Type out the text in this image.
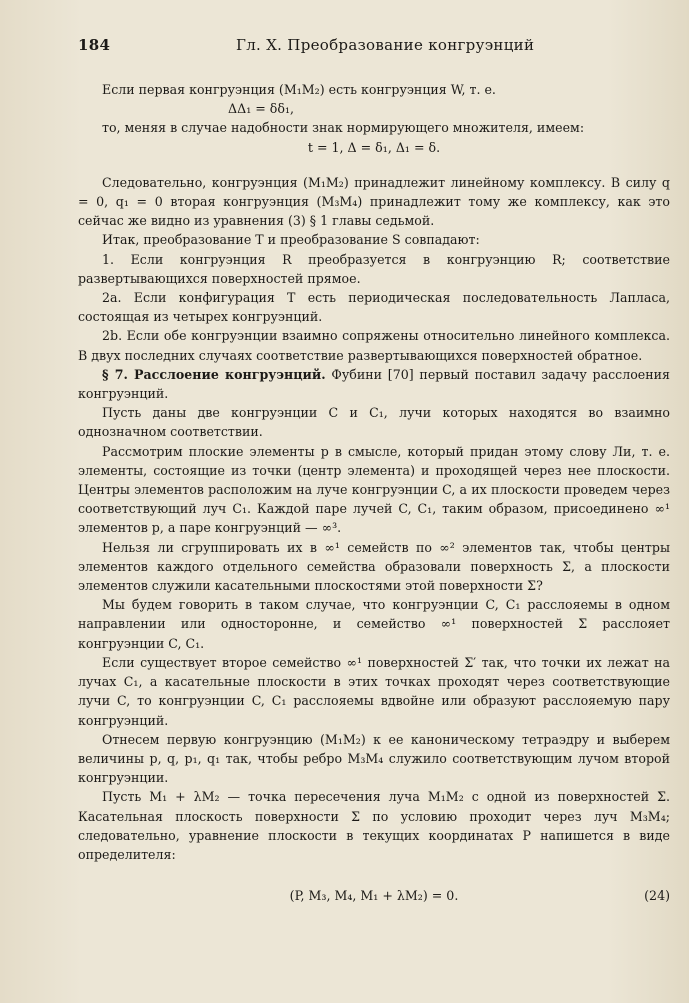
184	Гл. X. Преобразование конгруэнций

Если первая конгруэнция (M₁M₂) есть конгруэнция W, т. е.

ΔΔ₁ = δδ₁,

то, меняя в случае надобности знак нормирующего множителя, имеем:

t = 1, Δ = δ₁, Δ₁ = δ.

Следовательно, конгруэнция (M₁M₂) принадлежит линейному комплексу. В силу q = 0, q₁ = 0 вторая конгруэнция (M₃M₄) принадлежит тому же комплексу, как это сейчас же видно из уравнения (3) § 1 главы седьмой.

Итак, преобразование T и преобразование S совпадают:

1. Если конгруэнция R преобразуется в конгруэнцию R; соответствие развертывающихся поверхностей прямое.

2a. Если конфигурация T есть периодическая последовательность Лапласа, состоящая из четырех конгруэнций.

2b. Если обе конгруэнции взаимно сопряжены относительно линейного комплекса. В двух последних случаях соответствие развертывающихся поверхностей обратное.

§ 7. Расслоение конгруэнций. Фубини [70] первый поставил задачу расслоения конгруэнций.

Пусть даны две конгруэнции C и C₁, лучи которых находятся во взаимно однозначном соответствии.

Рассмотрим плоские элементы p в смысле, который придан этому слову Ли, т. е. элементы, состоящие из точки (центр элемента) и проходящей через нее плоскости. Центры элементов расположим на луче конгруэнции C, а их плоскости проведем через соответствующий луч C₁. Каждой паре лучей C, C₁, таким образом, присоединено ∞¹ элементов p, а паре конгруэнций — ∞³.

Нельзя ли сгруппировать их в ∞¹ семейств по ∞² элементов так, чтобы центры элементов каждого отдельного семейства образовали поверхность Σ, а плоскости элементов служили касательными плоскостями этой поверхности Σ?

Мы будем говорить в таком случае, что конгруэнции C, C₁ расслояемы в одном направлении или односторонне, и семейство ∞¹ поверхностей Σ расслояет конгруэнции C, C₁.

Если существует второе семейство ∞¹ поверхностей Σ′ так, что точки их лежат на лучах C₁, а касательные плоскости в этих точках проходят через соответствующие лучи C, то конгруэнции C, C₁ расслояемы вдвойне или образуют расслояемую пару конгруэнций.

Отнесем первую конгруэнцию (M₁M₂) к ее каноническому тетраэдру и выберем величины p, q, p₁, q₁ так, чтобы ребро M₃M₄ служило соответствующим лучом второй конгруэнции.

Пусть M₁ + λM₂ — точка пересечения луча M₁M₂ с одной из поверхностей Σ. Касательная плоскость поверхности Σ по условию проходит через луч M₃M₄; следовательно, уравнение плоскости в текущих координатах P напишется в виде определителя:

(P, M₃, M₄, M₁ + λM₂) = 0.	(24)
